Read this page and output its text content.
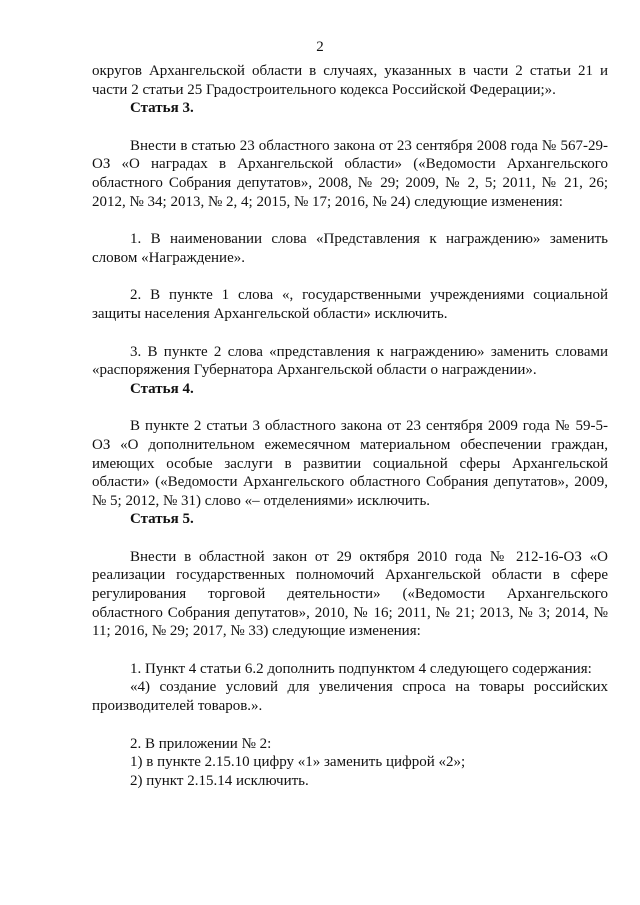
2

округов Архангельской области в случаях, указанных в части 2 статьи 21 и части 2 статьи 25 Градостроительного кодекса Российской Федерации;».

Статья 3.

Внести в статью 23 областного закона от 23 сентября 2008 года № 567-29-ОЗ «О наградах в Архангельской области» («Ведомости Архангельского областного Собрания депутатов», 2008, № 29; 2009, № 2, 5; 2011, № 21, 26; 2012, № 34; 2013, № 2, 4; 2015, № 17; 2016, № 24) следующие изменения:

1. В наименовании слова «Представления к награждению» заменить словом «Награждение».

2. В пункте 1 слова «, государственными учреждениями социальной защиты населения Архангельской области» исключить.

3. В пункте 2 слова «представления к награждению» заменить словами «распоряжения Губернатора Архангельской области о награждении».

Статья 4.

В пункте 2 статьи 3 областного закона от 23 сентября 2009 года № 59-5-ОЗ «О дополнительном ежемесячном материальном обеспечении граждан, имеющих особые заслуги в развитии социальной сферы Архангельской области» («Ведомости Архангельского областного Собрания депутатов», 2009, № 5; 2012, № 31) слово «– отделениями» исключить.

Статья 5.

Внести в областной закон от 29 октября 2010 года № 212-16-ОЗ «О реализации государственных полномочий Архангельской области в сфере регулирования торговой деятельности» («Ведомости Архангельского областного Собрания депутатов», 2010, № 16; 2011, № 21; 2013, № 3; 2014, № 11; 2016, № 29; 2017, № 33) следующие изменения:

1. Пункт 4 статьи 6.2 дополнить подпунктом 4 следующего содержания:

«4) создание условий для увеличения спроса на товары российских производителей товаров.».

2. В приложении № 2:

1) в пункте 2.15.10 цифру «1» заменить цифрой «2»;

2) пункт 2.15.14 исключить.
